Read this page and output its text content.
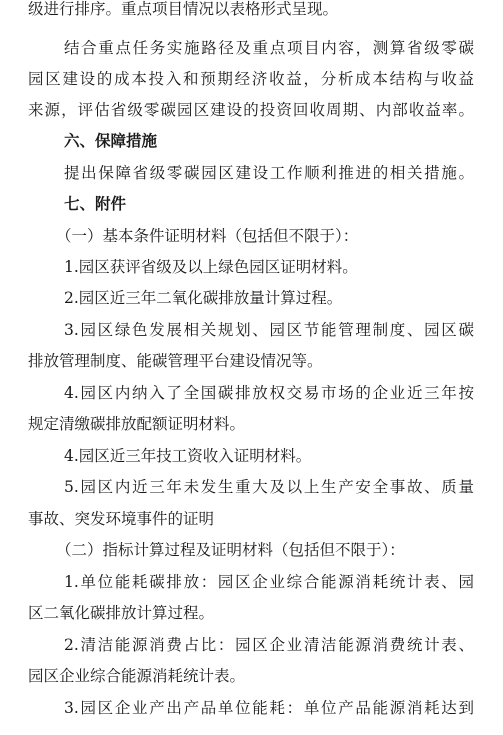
级进行排序。重点项目情况以表格形式呈现。
结合重点任务实施路径及重点项目内容，测算省级零碳
园区建设的成本投入和预期经济收益，分析成本结构与收益
来源，评估省级零碳园区建设的投资回收周期、内部收益率。
六、保障措施
提出保障省级零碳园区建设工作顺利推进的相关措施。
七、附件
（一）基本条件证明材料（包括但不限于）：
1.园区获评省级及以上绿色园区证明材料。
2.园区近三年二氧化碳排放量计算过程。
3.园区绿色发展相关规划、园区节能管理制度、园区碳
排放管理制度、能碳管理平台建设情况等。
4.园区内纳入了全国碳排放权交易市场的企业近三年按
规定清缴碳排放配额证明材料。
4.园区近三年技工资收入证明材料。
5.园区内近三年未发生重大及以上生产安全事故、质量
事故、突发环境事件的证明
（二）指标计算过程及证明材料（包括但不限于）：
1.单位能耗碳排放：园区企业综合能源消耗统计表、园
区二氧化碳排放计算过程。
2.清洁能源消费占比：园区企业清洁能源消费统计表、
园区企业综合能源消耗统计表。
3.园区企业产出产品单位能耗：单位产品能源消耗达到
